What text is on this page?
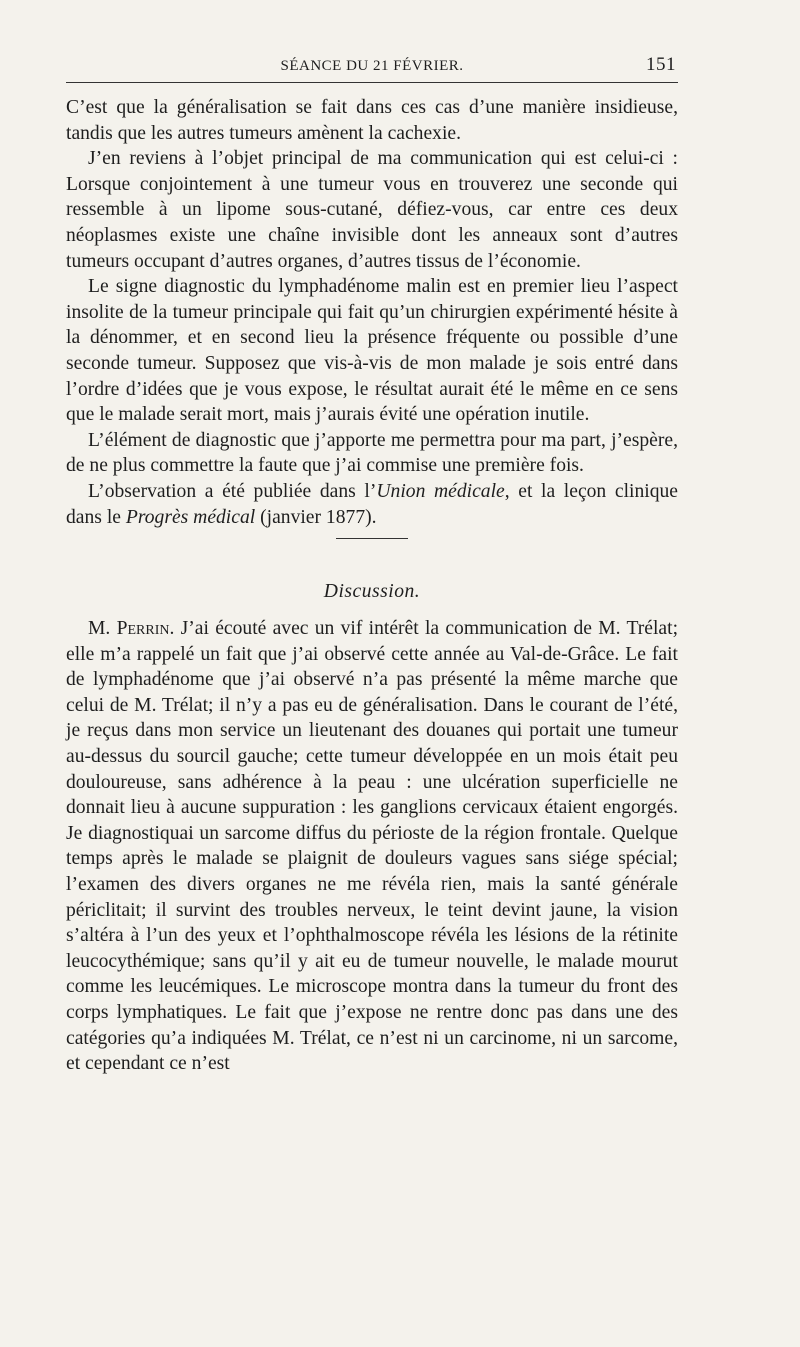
SÉANCE DU 21 FÉVRIER.	151

C’est que la généralisation se fait dans ces cas d’une manière insidieuse, tandis que les autres tumeurs amènent la cachexie.

J’en reviens à l’objet principal de ma communication qui est celui-ci : Lorsque conjointement à une tumeur vous en trouverez une seconde qui ressemble à un lipome sous-cutané, défiez-vous, car entre ces deux néoplasmes existe une chaîne invisible dont les anneaux sont d’autres tumeurs occupant d’autres organes, d’autres tissus de l’économie.

Le signe diagnostic du lymphadénome malin est en premier lieu l’aspect insolite de la tumeur principale qui fait qu’un chirurgien expérimenté hésite à la dénommer, et en second lieu la présence fréquente ou possible d’une seconde tumeur. Supposez que vis-à-vis de mon malade je sois entré dans l’ordre d’idées que je vous expose, le résultat aurait été le même en ce sens que le malade serait mort, mais j’aurais évité une opération inutile.

L’élément de diagnostic que j’apporte me permettra pour ma part, j’espère, de ne plus commettre la faute que j’ai commise une première fois.

L’observation a été publiée dans l’Union médicale, et la leçon clinique dans le Progrès médical (janvier 1877).

Discussion.

M. Perrin. J’ai écouté avec un vif intérêt la communication de M. Trélat; elle m’a rappelé un fait que j’ai observé cette année au Val-de-Grâce. Le fait de lymphadénome que j’ai observé n’a pas présenté la même marche que celui de M. Trélat; il n’y a pas eu de généralisation. Dans le courant de l’été, je reçus dans mon service un lieutenant des douanes qui portait une tumeur au-dessus du sourcil gauche; cette tumeur développée en un mois était peu douloureuse, sans adhérence à la peau : une ulcération superficielle ne donnait lieu à aucune suppuration : les ganglions cervicaux étaient engorgés. Je diagnostiquai un sarcome diffus du périoste de la région frontale. Quelque temps après le malade se plaignit de douleurs vagues sans siége spécial; l’examen des divers organes ne me révéla rien, mais la santé générale périclitait; il survint des troubles nerveux, le teint devint jaune, la vision s’altéra à l’un des yeux et l’ophthalmoscope révéla les lésions de la rétinite leucocythémique; sans qu’il y ait eu de tumeur nouvelle, le malade mourut comme les leucémiques. Le microscope montra dans la tumeur du front des corps lymphatiques. Le fait que j’expose ne rentre donc pas dans une des catégories qu’a indiquées M. Trélat, ce n’est ni un carcinome, ni un sarcome, et cependant ce n’est
